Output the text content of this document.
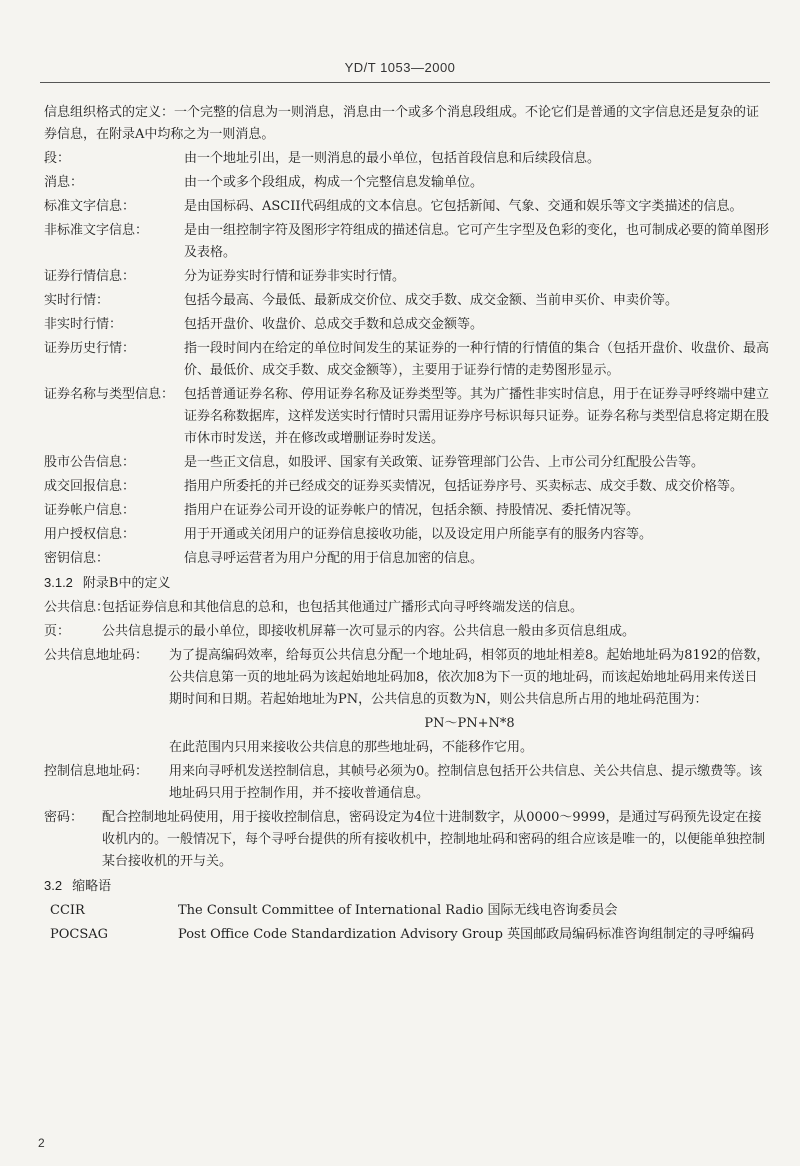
YD/T 1053—2000
信息组织格式的定义：一个完整的信息为一则消息，消息由一个或多个消息段组成。不论它们是普通的文字信息还是复杂的证券信息，在附录A中均称之为一则消息。
段：	由一个地址引出，是一则消息的最小单位，包括首段信息和后续段信息。
消息：	由一个或多个段组成，构成一个完整信息发输单位。
标准文字信息：	是由国标码、ASCII代码组成的文本信息。它包括新闻、气象、交通和娱乐等文字类描述的信息。
非标准文字信息：	是由一组控制字符及图形字符组成的描述信息。它可产生字型及色彩的变化，也可制成必要的简单图形及表格。
证券行情信息：	分为证券实时行情和证券非实时行情。
实时行情：	包括今最高、今最低、最新成交价位、成交手数、成交金额、当前申买价、申卖价等。
非实时行情：	包括开盘价、收盘价、总成交手数和总成交金额等。
证券历史行情：	指一段时间内在给定的单位时间发生的某证券的一种行情的行情值的集合（包括开盘价、收盘价、最高价、最低价、成交手数、成交金额等），主要用于证券行情的走势图形显示。
证券名称与类型信息： 包括普通证券名称、停用证券名称及证券类型等。其为广播性非实时信息，用于在证券寻呼终端中建立证券名称数据库，这样发送实时行情时只需用证券序号标识每只证券。证券名称与类型信息将定期在股市休市时发送，并在修改或增删证券时发送。
股市公告信息：	是一些正文信息，如股评、国家有关政策、证券管理部门公告、上市公司分红配股公告等。
成交回报信息：	指用户所委托的并已经成交的证券买卖情况，包括证券序号、买卖标志、成交手数、成交价格等。
证券帐户信息：	指用户在证券公司开设的证券帐户的情况，包括余额、持股情况、委托情况等。
用户授权信息：	用于开通或关闭用户的证券信息接收功能，以及设定用户所能享有的服务内容等。
密钥信息：	信息寻呼运营者为用户分配的用于信息加密的信息。
3.1.2 附录B中的定义
公共信息：
包括证券信息和其他信息的总和，也包括其他通过广播形式向寻呼终端发送的信息。
页：	公共信息提示的最小单位，即接收机屏幕一次可显示的内容。公共信息一般由多页信息组成。
公共信息地址码：	为了提高编码效率，给每页公共信息分配一个地址码，相邻页的地址相差8。起始地址码为8192的倍数，公共信息第一页的地址码为该起始地址码加8，依次加8为下一页的地址码，而该起始地址码用来传送日期时间和日期。若起始地址为PN，公共信息的页数为N，则公共信息所占用的地址码范围为：
PN～PN+N*8
在此范围内只用来接收公共信息的那些地址码，不能移作它用。
控制信息地址码：	用来向寻呼机发送控制信息，其帧号必须为0。控制信息包括开公共信息、关公共信息、提示缴费等。该地址码只用于控制作用，并不接收普通信息。
密码：	配合控制地址码使用，用于接收控制信息，密码设定为4位十进制数字，从0000～9999，是通过写码预先设定在接收机内的。一般情况下，每个寻呼台提供的所有接收机中，控制地址码和密码的组合应该是唯一的，以便能单独控制某台接收机的开与关。
3.2 缩略语
CCIR	The Consult Committee of International Radio 国际无线电咨询委员会
POCSAG	Post Office Code Standardization Advisory Group 英国邮政局编码标准咨询组制定的寻呼编码
2
